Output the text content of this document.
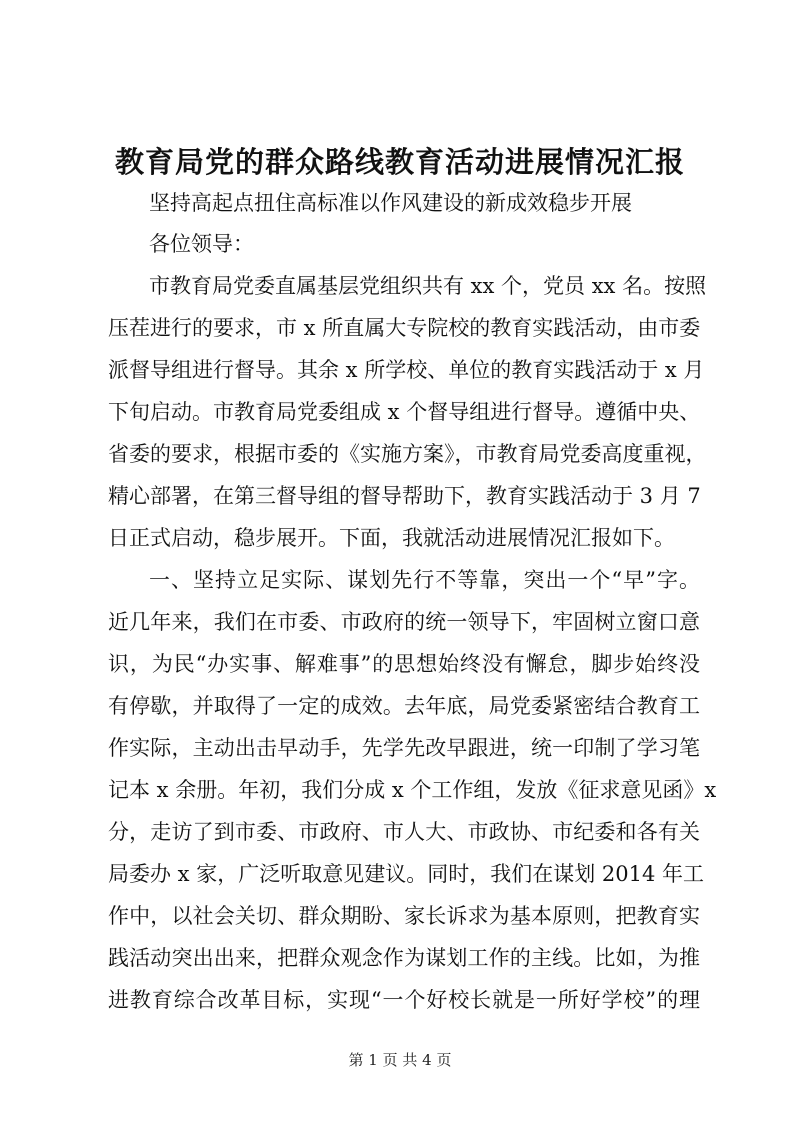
教育局党的群众路线教育活动进展情况汇报
坚持高起点扭住高标准以作风建设的新成效稳步开展
各位领导：
市教育局党委直属基层党组织共有 xx 个，党员 xx 名。按照
压茬进行的要求，市 x 所直属大专院校的教育实践活动，由市委
派督导组进行督导。其余 x 所学校、单位的教育实践活动于 x 月
下旬启动。市教育局党委组成 x 个督导组进行督导。遵循中央、
省委的要求，根据市委的《实施方案》，市教育局党委高度重视，
精心部署，在第三督导组的督导帮助下，教育实践活动于 3 月 7
日正式启动，稳步展开。下面，我就活动进展情况汇报如下。
一、坚持立足实际、谋划先行不等靠，突出一个“早”字。
近几年来，我们在市委、市政府的统一领导下，牢固树立窗口意
识，为民“办实事、解难事”的思想始终没有懈怠，脚步始终没
有停歇，并取得了一定的成效。去年底，局党委紧密结合教育工
作实际，主动出击早动手，先学先改早跟进，统一印制了学习笔
记本 x 余册。年初，我们分成 x 个工作组，发放《征求意见函》x
分，走访了到市委、市政府、市人大、市政协、市纪委和各有关
局委办 x 家，广泛听取意见建议。同时，我们在谋划 2014 年工
作中，以社会关切、群众期盼、家长诉求为基本原则，把教育实
践活动突出出来，把群众观念作为谋划工作的主线。比如，为推
进教育综合改革目标，实现“一个好校长就是一所好学校”的理
第 1 页 共 4 页
